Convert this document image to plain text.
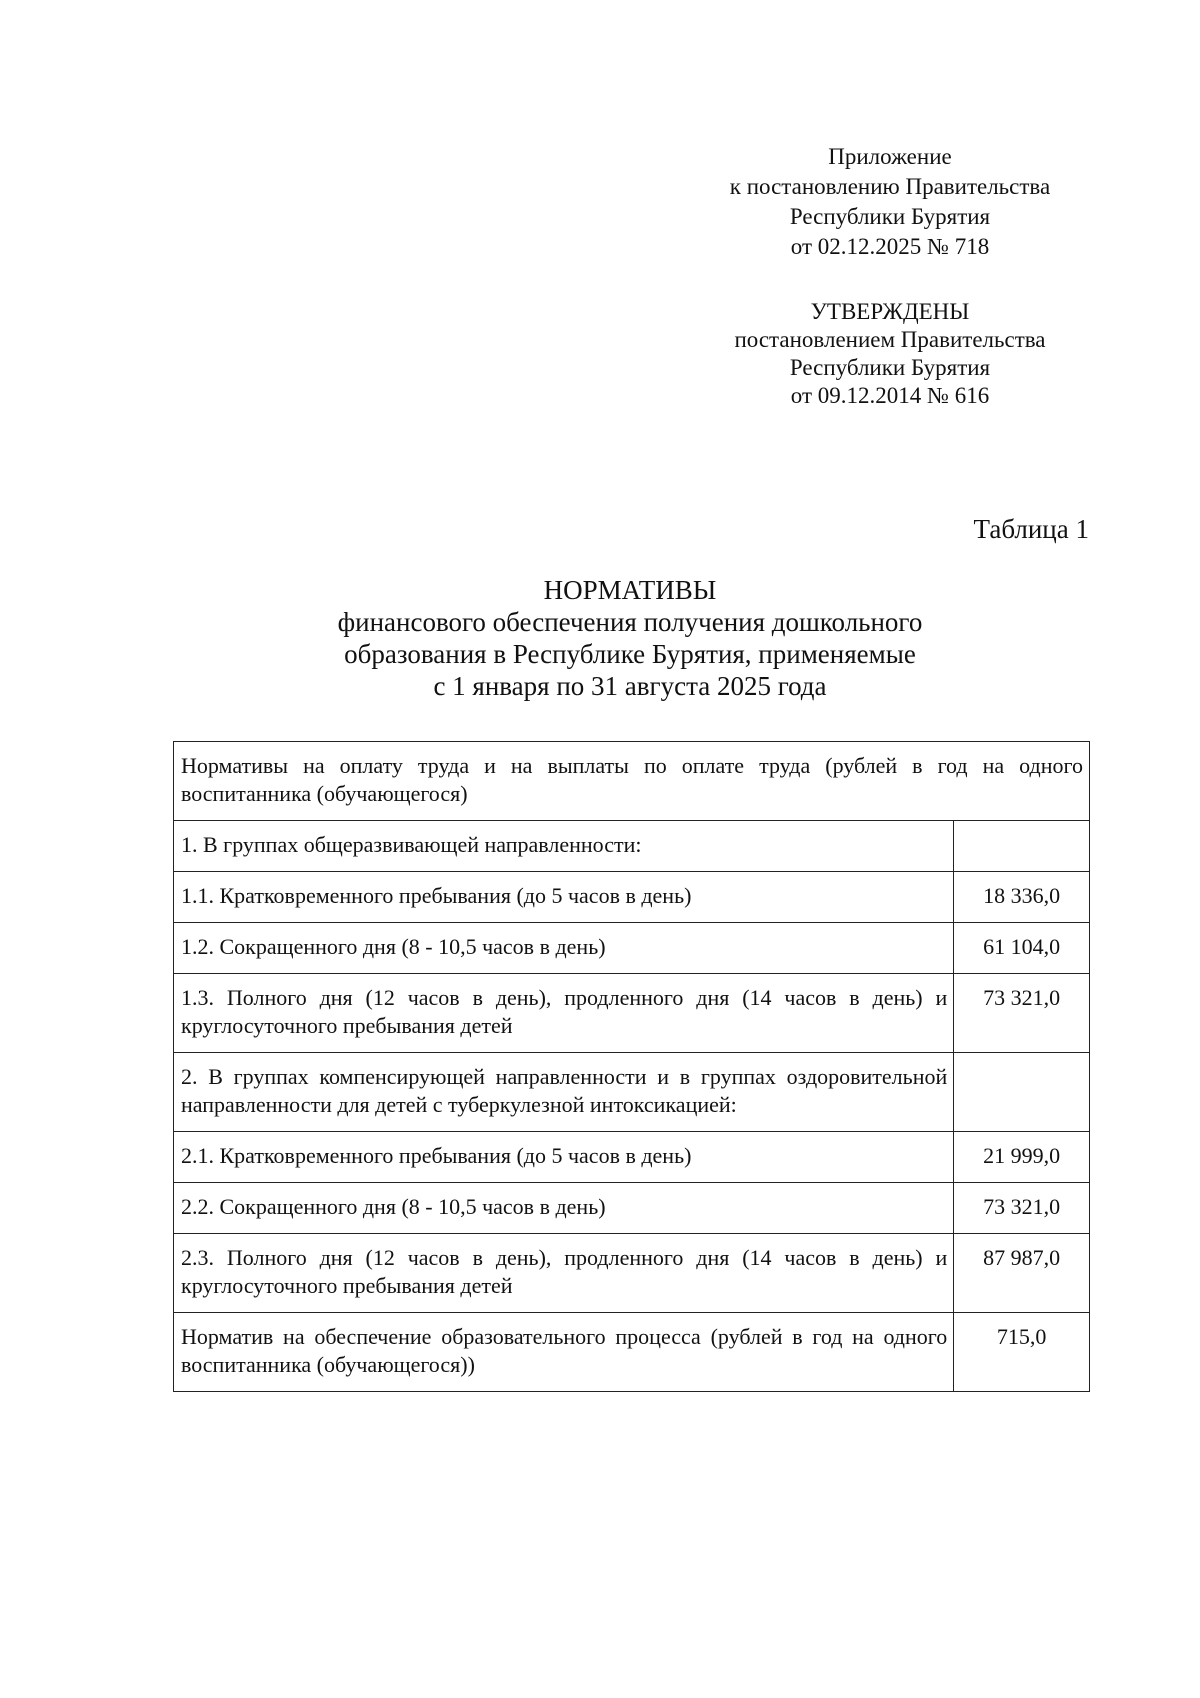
Приложение
к постановлению Правительства
Республики Бурятия
от 02.12.2025 № 718
УТВЕРЖДЕНЫ
постановлением Правительства
Республики Бурятия
от 09.12.2014 № 616
Таблица 1
НОРМАТИВЫ
финансового обеспечения получения дошкольного
образования в Республике Бурятия, применяемые
с 1 января по 31 августа 2025 года
Нормативы на оплату труда и на выплаты по оплате труда (рублей в год на одного воспитанника (обучающегося)	
1. В группах общеразвивающей направленности:	
1.1. Кратковременного пребывания (до 5 часов в день)	18 336,0
1.2. Сокращенного дня (8 - 10,5 часов в день)	61 104,0
1.3. Полного дня (12 часов в день), продленного дня (14 часов в день) и круглосуточного пребывания детей	73 321,0
2. В группах компенсирующей направленности и в группах оздоровительной направленности для детей с туберкулезной интоксикацией:	
2.1. Кратковременного пребывания (до 5 часов в день)	21 999,0
2.2. Сокращенного дня (8 - 10,5 часов в день)	73 321,0
2.3. Полного дня (12 часов в день), продленного дня (14 часов в день) и круглосуточного пребывания детей	87 987,0
Норматив на обеспечение образовательного процесса (рублей в год на одного воспитанника (обучающегося))	715,0
